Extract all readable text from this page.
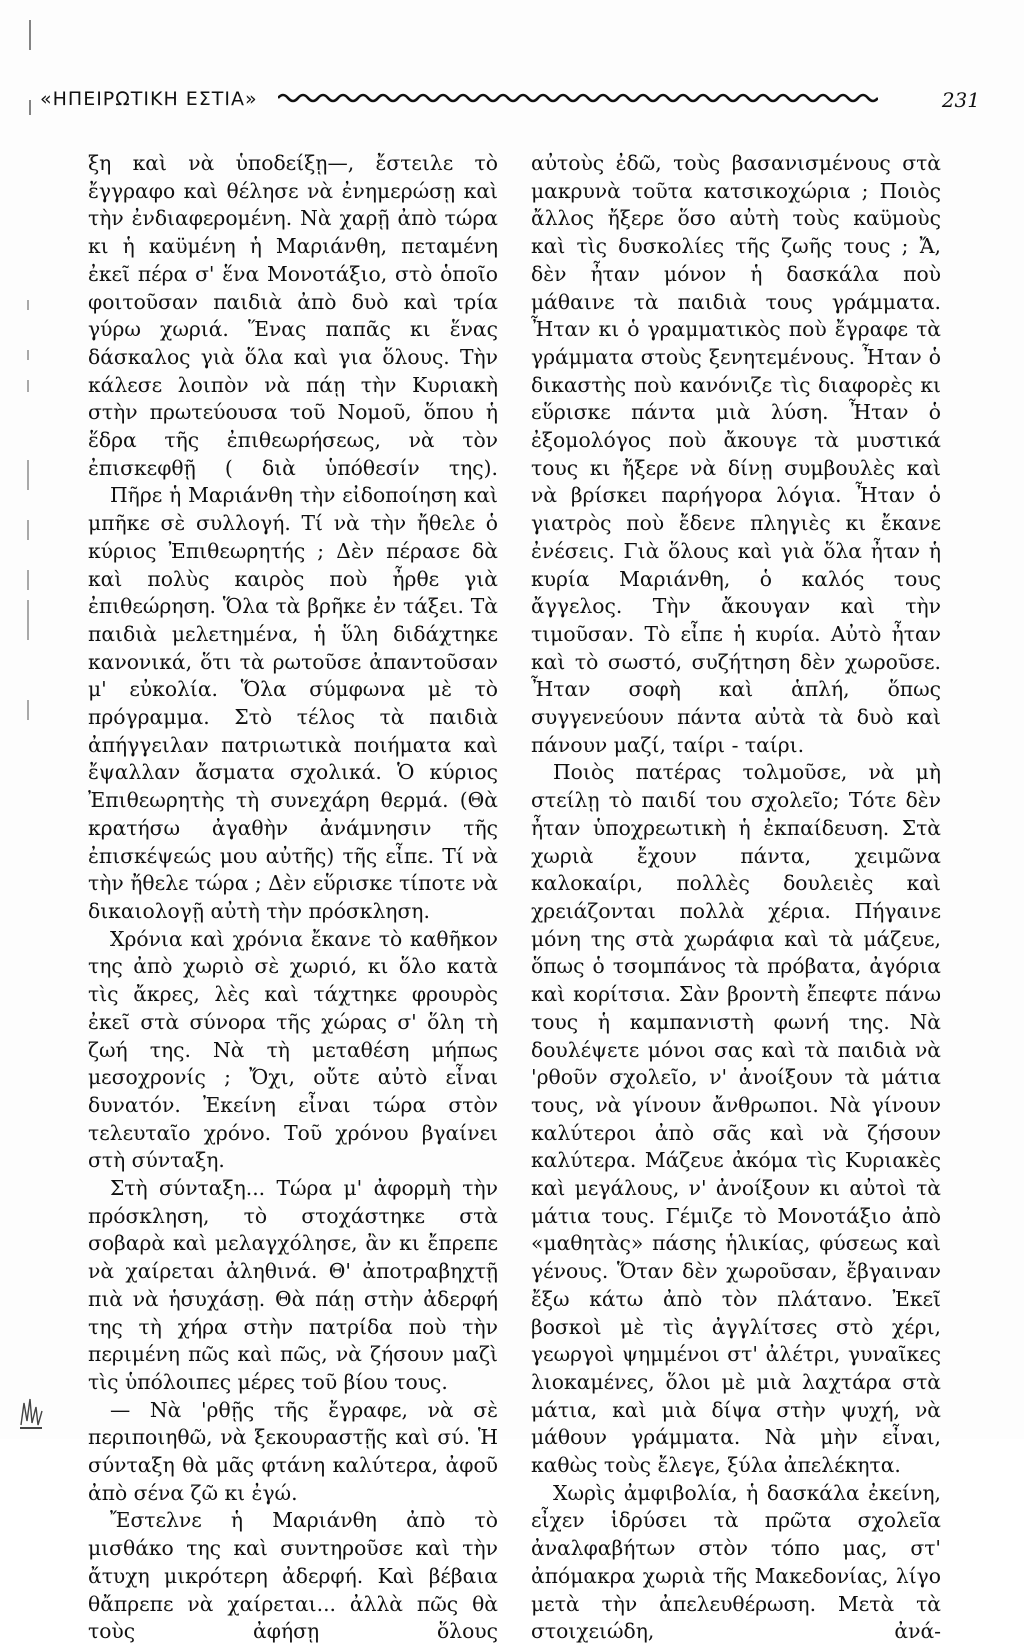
«ΗΠΕΙΡΩΤΙΚΗ ΕΣΤΙΑ»	231

ξη καὶ νὰ ὑποδείξῃ—, ἔστειλε τὸ ἔγγραφο καὶ θέλησε νὰ ἐνημερώσῃ καὶ τὴν ἐνδιαφερομένη. Νὰ χαρῇ ἀπὸ τώρα κι ἡ καϋμένη ἡ Μαριάνθη, πεταμένη ἐκεῖ πέρα σ' ἕνα Μονοτάξιο, στὸ ὁποῖο φοιτοῦσαν παιδιὰ ἀπὸ δυὸ καὶ τρία γύρω χωριά. Ἕνας παπᾶς κι ἕνας δάσκαλος γιὰ ὅλα καὶ για ὅλους. Τὴν κάλεσε λοιπὸν νὰ πάῃ τὴν Κυριακὴ στὴν πρωτεύουσα τοῦ Νομοῦ, ὅπου ἡ ἕδρα τῆς ἐπιθεωρήσεως, νὰ τὸν ἐπισκεφθῇ ( διὰ ὑπόθεσίν της).

Πῆρε ἡ Μαριάνθη τὴν εἰδοποίηση καὶ μπῆκε σὲ συλλογή. Τί νὰ τὴν ἤθελε ὁ κύριος Ἐπιθεωρητής ; Δὲν πέρασε δὰ καὶ πολὺς καιρὸς ποὺ ἦρθε γιὰ ἐπιθεώρηση. Ὅλα τὰ βρῆκε ἐν τάξει. Τὰ παιδιὰ μελετημένα, ἡ ὕλη διδάχτηκε κανονικά, ὅτι τὰ ρωτοῦσε ἀπαντοῦσαν μ' εὐκολία. Ὅλα σύμφωνα μὲ τὸ πρόγραμμα. Στὸ τέλος τὰ παιδιὰ ἀπήγγειλαν πατριωτικὰ ποιήματα καὶ ἔψαλλαν ἄσματα σχολικά. Ὁ κύριος Ἐπιθεωρητὴς τὴ συνεχάρη θερμά. (Θὰ κρατήσω ἀγαθὴν ἀνάμνησιν τῆς ἐπισκέψεώς μου αὐτῆς) τῆς εἶπε. Τί νὰ τὴν ἤθελε τώρα ; Δὲν εὕρισκε τίποτε νὰ δικαιολογῇ αὐτὴ τὴν πρόσκληση.

Χρόνια καὶ χρόνια ἔκανε τὸ καθῆκον της ἀπὸ χωριὸ σὲ χωριό, κι ὅλο κατὰ τὶς ἄκρες, λὲς καὶ τάχτηκε φρουρὸς ἐκεῖ στὰ σύνορα τῆς χώρας σ' ὅλη τὴ ζωή της. Νὰ τὴ μεταθέση μήπως μεσοχρονίς ; Ὄχι, οὔτε αὐτὸ εἶναι δυνατόν. Ἐκείνη εἶναι τώρα στὸν τελευταῖο χρόνο. Τοῦ χρόνου βγαίνει στὴ σύνταξη.

Στὴ σύνταξη... Τώρα μ' ἀφορμὴ τὴν πρόσκληση, τὸ στοχάστηκε στὰ σοβαρὰ καὶ μελαγχόλησε, ἂν κι ἔπρεπε νὰ χαίρεται ἀληθινά. Θ' ἀποτραβηχτῇ πιὰ νὰ ἡσυχάσῃ. Θὰ πάῃ στὴν ἀδερφή της τὴ χήρα στὴν πατρίδα ποὺ τὴν περιμένη πῶς καὶ πῶς, νὰ ζήσουν μαζὶ τὶς ὑπόλοιπες μέρες τοῦ βίου τους.

— Νὰ 'ρθῇς τῆς ἔγραφε, νὰ σὲ περιποιηθῶ, νὰ ξεκουραστῇς καὶ σύ. Ἡ σύνταξη θὰ μᾶς φτάνη καλύτερα, ἀφοῦ ἀπὸ σένα ζῶ κι ἐγώ.

Ἔστελνε ἡ Μαριάνθη ἀπὸ τὸ μισθάκο της καὶ συντηροῦσε καὶ τὴν ἄτυχη μικρότερη ἀδερφή. Καὶ βέβαια θἄπρεπε νὰ χαίρεται... ἀλλὰ πῶς θὰ τοὺς ἀφήσῃ ὅλους

αὐτοὺς ἐδῶ, τοὺς βασανισμένους στὰ μακρυνὰ τοῦτα κατσικοχώρια ; Ποιὸς ἄλλος ἤξερε ὅσο αὐτὴ τοὺς καϋμοὺς καὶ τὶς δυσκολίες τῆς ζωῆς τους ; Ἄ, δὲν ἦταν μόνον ἡ δασκάλα ποὺ μάθαινε τὰ παιδιὰ τους γράμματα. Ἦταν κι ὁ γραμματικὸς ποὺ ἔγραφε τὰ γράμματα στοὺς ξενητεμένους. Ἦταν ὁ δικαστὴς ποὺ κανόνιζε τὶς διαφορὲς κι εὕρισκε πάντα μιὰ λύση. Ἦταν ὁ ἐξομολόγος ποὺ ἄκουγε τὰ μυστικά τους κι ἤξερε νὰ δίνῃ συμβουλὲς καὶ νὰ βρίσκει παρήγορα λόγια. Ἦταν ὁ γιατρὸς ποὺ ἔδενε πληγιὲς κι ἔκανε ἐνέσεις. Γιὰ ὅλους καὶ γιὰ ὅλα ἦταν ἡ κυρία Μαριάνθη, ὁ καλός τους ἄγγελος. Τὴν ἄκουγαν καὶ τὴν τιμοῦσαν. Τὸ εἶπε ἡ κυρία. Αὐτὸ ἦταν καὶ τὸ σωστό, συζήτηση δὲν χωροῦσε. Ἦταν σοφὴ καὶ ἁπλή, ὅπως συγγενεύουν πάντα αὐτὰ τὰ δυὸ καὶ πάνουν μαζί, ταίρι - ταίρι.

Ποιὸς πατέρας τολμοῦσε, νὰ μὴ στείλῃ τὸ παιδί του σχολεῖο; Τότε δὲν ἦταν ὑποχρεωτικὴ ἡ ἐκπαίδευση. Στὰ χωριὰ ἔχουν πάντα, χειμῶνα καλοκαίρι, πολλὲς δουλειὲς καὶ χρειάζονται πολλὰ χέρια. Πήγαινε μόνη της στὰ χωράφια καὶ τὰ μάζευε, ὅπως ὁ τσομπάνος τὰ πρόβατα, ἀγόρια καὶ κορίτσια. Σὰν βροντὴ ἔπεφτε πάνω τους ἡ καμπανιστὴ φωνή της. Νὰ δουλέψετε μόνοι σας καὶ τὰ παιδιὰ νὰ 'ρθοῦν σχολεῖο, ν' ἀνοίξουν τὰ μάτια τους, νὰ γίνουν ἄνθρωποι. Νὰ γίνουν καλύτεροι ἀπὸ σᾶς καὶ νὰ ζήσουν καλύτερα. Μάζευε ἀκόμα τὶς Κυριακὲς καὶ μεγάλους, ν' ἀνοίξουν κι αὐτοὶ τὰ μάτια τους. Γέμιζε τὸ Μονοτάξιο ἀπὸ «μαθητὰς» πάσης ἡλικίας, φύσεως καὶ γένους. Ὅταν δὲν χωροῦσαν, ἔβγαιναν ἔξω κάτω ἀπὸ τὸν πλάτανο. Ἐκεῖ βοσκοὶ μὲ τὶς ἀγγλίτσες στὸ χέρι, γεωργοὶ ψημμένοι στ' ἀλέτρι, γυναῖκες λιοκαμένες, ὅλοι μὲ μιὰ λαχτάρα στὰ μάτια, καὶ μιὰ δίψα στὴν ψυχή, νὰ μάθουν γράμματα. Νὰ μὴν εἶναι, καθὼς τοὺς ἔλεγε, ξύλα ἀπελέκητα.

Χωρὶς ἀμφιβολία, ἡ δασκάλα ἐκείνη, εἶχεν ἱδρύσει τὰ πρῶτα σχολεῖα ἀναλφαβήτων στὸν τόπο μας, στ' ἀπόμακρα χωριὰ τῆς Μακεδονίας, λίγο μετὰ τὴν ἀπελευθέρωση. Μετὰ τὰ στοιχειώδη, ἀνά-
